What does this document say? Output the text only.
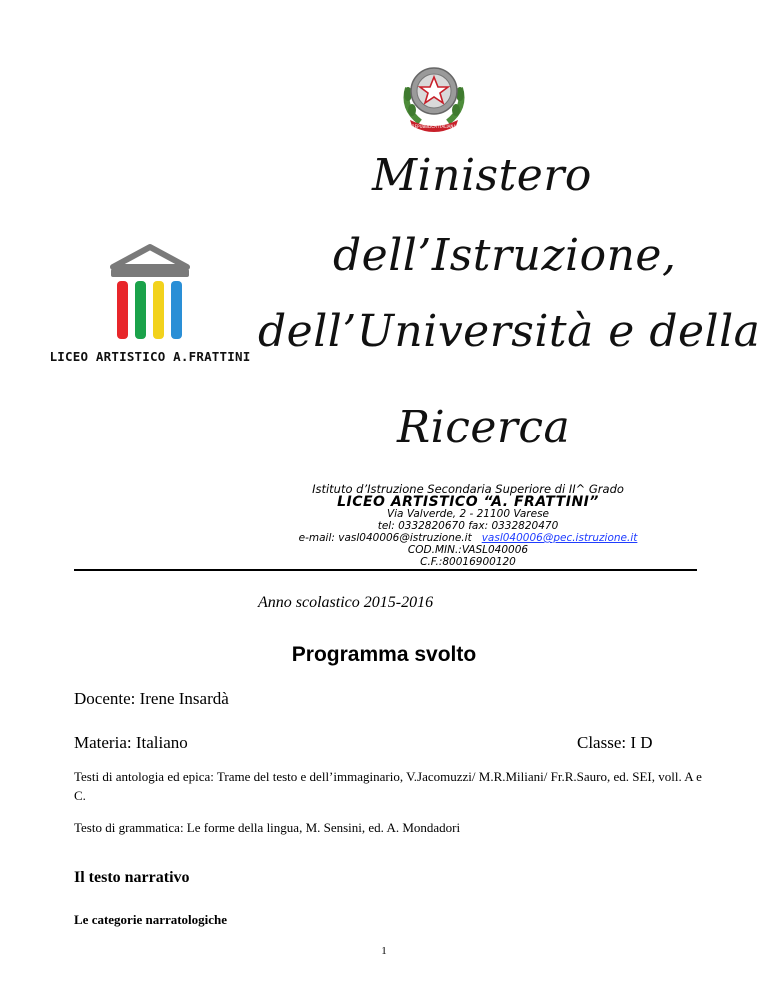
REPUBBLICA ITALIANA
LICEO ARTISTICO A.FRATTINI
Ministero
dell’Istruzione,
dell’Università e della
Ricerca
Istituto d’Istruzione Secondaria Superiore di II^ Grado
LICEO ARTISTICO “A. FRATTINI”
Via Valverde, 2 - 21100 Varese
tel: 0332820670 fax: 0332820470
e-mail: vasl040006@istruzione.it vasl040006@pec.istruzione.it
COD.MIN.:VASL040006
C.F.:80016900120
Anno scolastico 2015-2016
Programma svolto
Docente: Irene Insardà
Materia: Italiano	Classe: I D
Testi di antologia ed epica: Trame del testo e dell’immaginario, V.Jacomuzzi/ M.R.Miliani/ Fr.R.Sauro, ed. SEI, voll. A e C.
Testo di grammatica: Le forme della lingua, M. Sensini, ed. A. Mondadori
Il testo narrativo
Le categorie narratologiche
1
